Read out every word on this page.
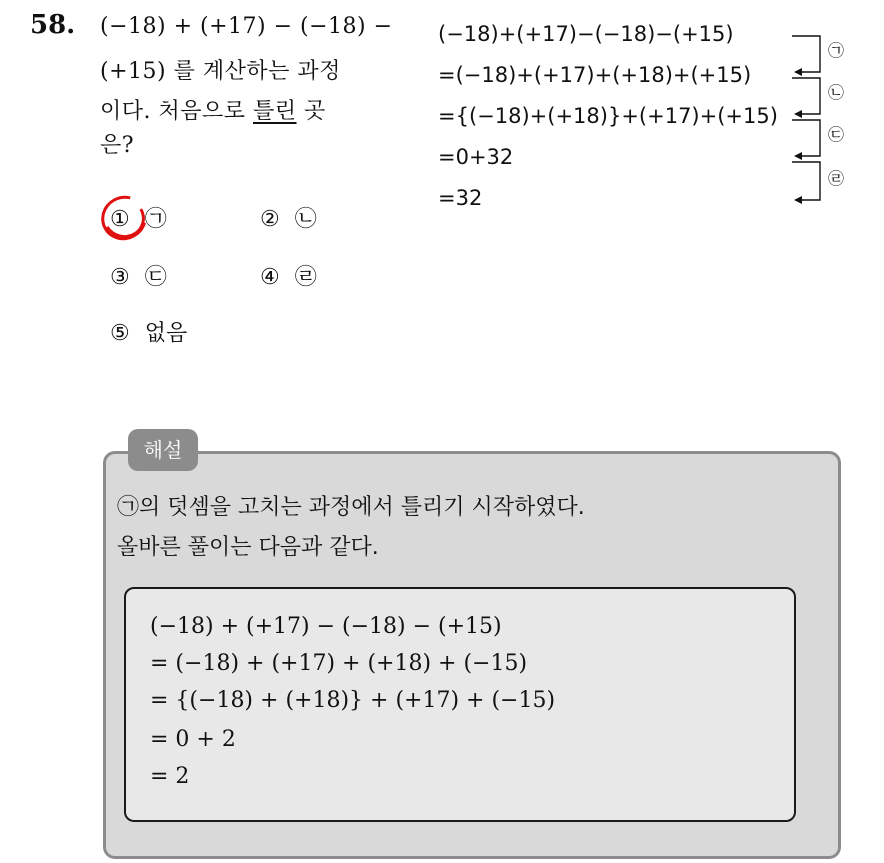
58. (−18) + (+17) − (−18) −
(+15) 를 계산하는 과정
이다. 처음으로 틀린 곳
은?
(−18)+(+17)−(−18)−(+15)
=(−18)+(+17)+(+18)+(+15)
={(−18)+(+18)}+(+17)+(+15)
=0+32
=32
㉠
㉡
㉢
㉣
① ㉠	② ㉡
③ ㉢	④ ㉣
⑤ 없음
해설
㉠의 덧셈을 고치는 과정에서 틀리기 시작하였다.
올바른 풀이는 다음과 같다.
(−18) + (+17) − (−18) − (+15)
= (−18) + (+17) + (+18) + (−15)
= {(−18) + (+18)} + (+17) + (−15)
= 0 + 2
= 2
